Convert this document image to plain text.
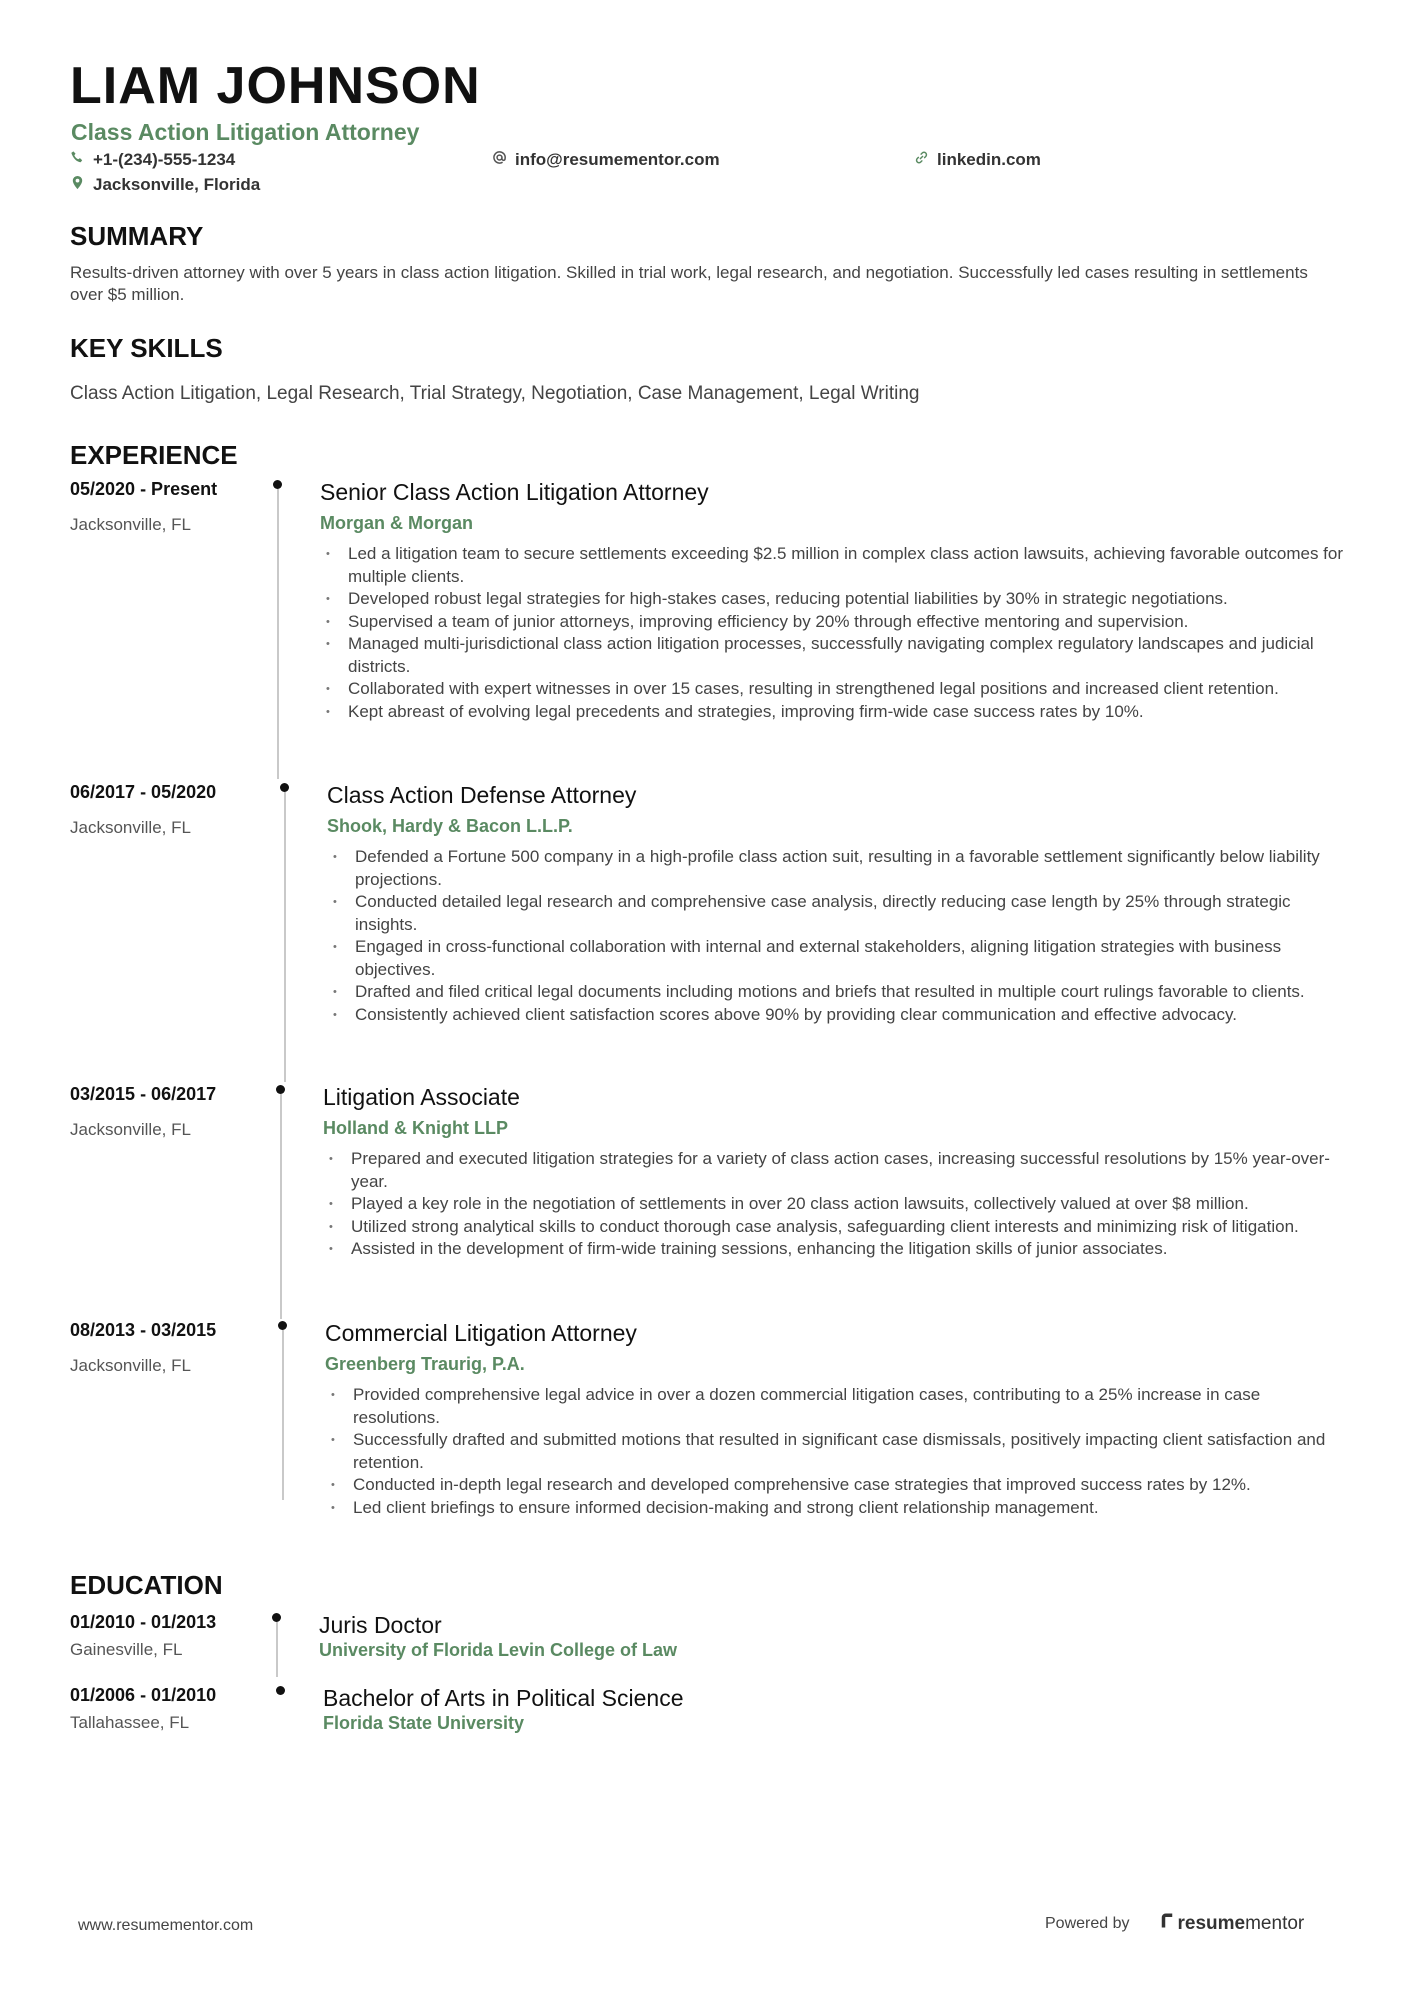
LIAM JOHNSON
Class Action Litigation Attorney
+1-(234)-555-1234	info@resumementor.com	linkedin.com
Jacksonville, Florida
SUMMARY
Results-driven attorney with over 5 years in class action litigation. Skilled in trial work, legal research, and negotiation. Successfully led cases resulting in settlements over $5 million.
KEY SKILLS
Class Action Litigation, Legal Research, Trial Strategy, Negotiation, Case Management, Legal Writing
EXPERIENCE
05/2020 - Present
Jacksonville, FL
Senior Class Action Litigation Attorney
Morgan & Morgan
• Led a litigation team to secure settlements exceeding $2.5 million in complex class action lawsuits, achieving favorable outcomes for multiple clients.
• Developed robust legal strategies for high-stakes cases, reducing potential liabilities by 30% in strategic negotiations.
• Supervised a team of junior attorneys, improving efficiency by 20% through effective mentoring and supervision.
• Managed multi-jurisdictional class action litigation processes, successfully navigating complex regulatory landscapes and judicial districts.
• Collaborated with expert witnesses in over 15 cases, resulting in strengthened legal positions and increased client retention.
• Kept abreast of evolving legal precedents and strategies, improving firm-wide case success rates by 10%.
06/2017 - 05/2020
Jacksonville, FL
Class Action Defense Attorney
Shook, Hardy & Bacon L.L.P.
• Defended a Fortune 500 company in a high-profile class action suit, resulting in a favorable settlement significantly below liability projections.
• Conducted detailed legal research and comprehensive case analysis, directly reducing case length by 25% through strategic insights.
• Engaged in cross-functional collaboration with internal and external stakeholders, aligning litigation strategies with business objectives.
• Drafted and filed critical legal documents including motions and briefs that resulted in multiple court rulings favorable to clients.
• Consistently achieved client satisfaction scores above 90% by providing clear communication and effective advocacy.
03/2015 - 06/2017
Jacksonville, FL
Litigation Associate
Holland & Knight LLP
• Prepared and executed litigation strategies for a variety of class action cases, increasing successful resolutions by 15% year-over-year.
• Played a key role in the negotiation of settlements in over 20 class action lawsuits, collectively valued at over $8 million.
• Utilized strong analytical skills to conduct thorough case analysis, safeguarding client interests and minimizing risk of litigation.
• Assisted in the development of firm-wide training sessions, enhancing the litigation skills of junior associates.
08/2013 - 03/2015
Jacksonville, FL
Commercial Litigation Attorney
Greenberg Traurig, P.A.
• Provided comprehensive legal advice in over a dozen commercial litigation cases, contributing to a 25% increase in case resolutions.
• Successfully drafted and submitted motions that resulted in significant case dismissals, positively impacting client satisfaction and retention.
• Conducted in-depth legal research and developed comprehensive case strategies that improved success rates by 12%.
• Led client briefings to ensure informed decision-making and strong client relationship management.
EDUCATION
01/2010 - 01/2013
Gainesville, FL
Juris Doctor
University of Florida Levin College of Law
01/2006 - 01/2010
Tallahassee, FL
Bachelor of Arts in Political Science
Florida State University
www.resumementor.com	Powered by	resume mentor
